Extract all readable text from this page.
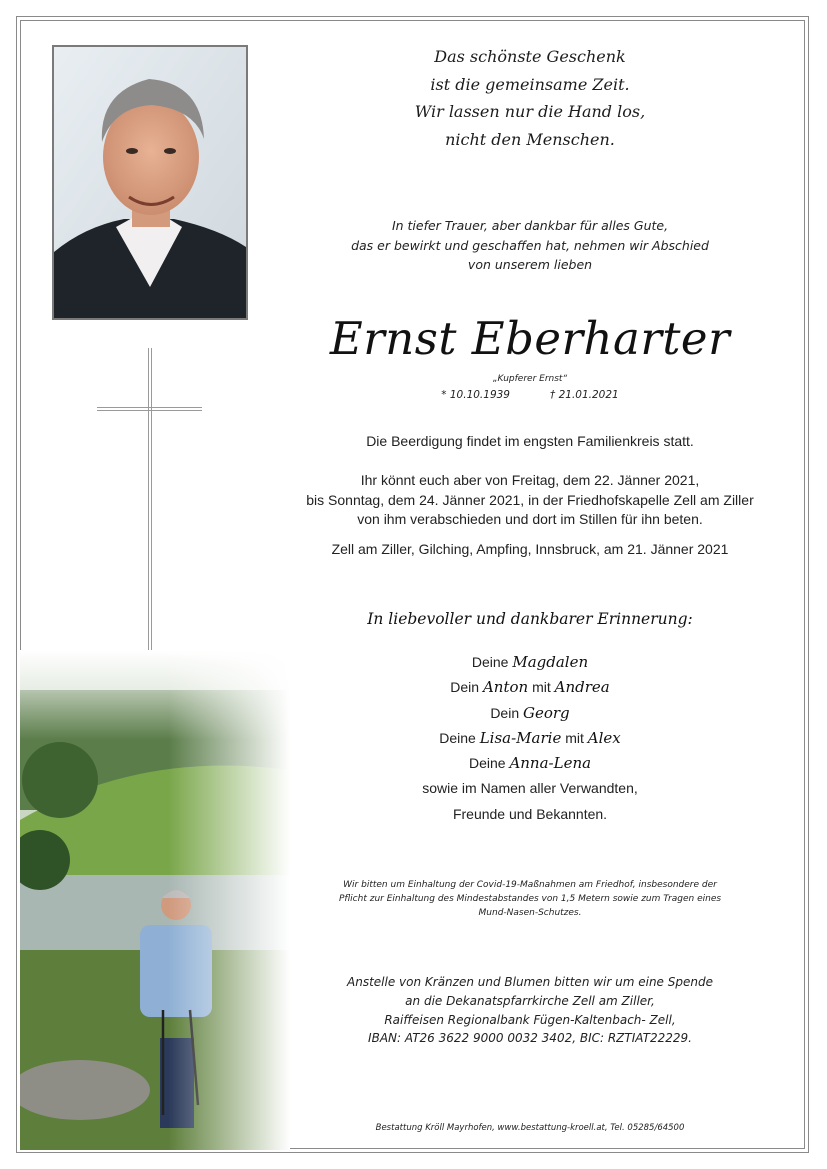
Das schönste Geschenk
ist die gemeinsame Zeit.
Wir lassen nur die Hand los,
nicht den Menschen.
In tiefer Trauer, aber dankbar für alles Gute,
das er bewirkt und geschaffen hat, nehmen wir Abschied
von unserem lieben
Ernst Eberharter
„Kupferer Ernst“
* 10.10.1939	† 21.01.2021
Die Beerdigung findet im engsten Familienkreis statt.
Ihr könnt euch aber von Freitag, dem 22. Jänner 2021,
bis Sonntag, dem 24. Jänner 2021, in der Friedhofskapelle Zell am Ziller
von ihm verabschieden und dort im Stillen für ihn beten.
Zell am Ziller, Gilching, Ampfing, Innsbruck, am 21. Jänner 2021
In liebevoller und dankbarer Erinnerung:
Deine Magdalen
Dein Anton mit Andrea
Dein Georg
Deine Lisa-Marie mit Alex
Deine Anna-Lena
sowie im Namen aller Verwandten,
Freunde und Bekannten.
Wir bitten um Einhaltung der Covid-19-Maßnahmen am Friedhof, insbesondere der
Pflicht zur Einhaltung des Mindestabstandes von 1,5 Metern sowie zum Tragen eines
Mund-Nasen-Schutzes.
Anstelle von Kränzen und Blumen bitten wir um eine Spende
an die Dekanatspfarrkirche Zell am Ziller,
Raiffeisen Regionalbank Fügen-Kaltenbach- Zell,
IBAN: AT26 3622 9000 0032 3402, BIC: RZTIAT22229.
Bestattung Kröll Mayrhofen, www.bestattung-kroell.at, Tel. 05285/64500
